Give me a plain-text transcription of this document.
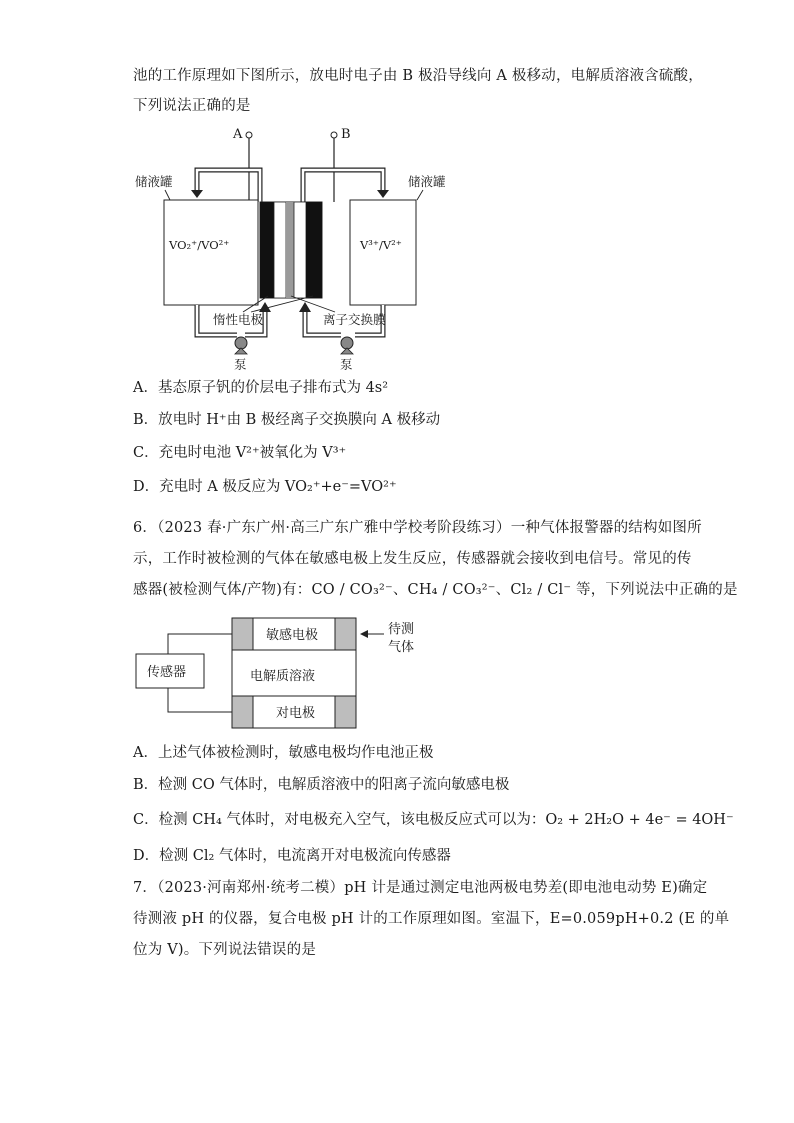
池的工作原理如下图所示，放电时电子由 B 极沿导线向 A 极移动，电解质溶液含硫酸，
下列说法正确的是
A	B
储液罐	储液罐
VO₂⁺/VO²⁺	V³⁺/V²⁺
泵	泵
惰性电极	离子交换膜
A．基态原子钒的价层电子排布式为 4s²
B．放电时 H⁺由 B 极经离子交换膜向 A 极移动
C．充电时电池 V²⁺被氧化为 V³⁺
D．充电时 A 极反应为 VO₂⁺+e⁻=VO²⁺
6．（2023 春·广东广州·高三广东广雅中学校考阶段练习）一种气体报警器的结构如图所
示，工作时被检测的气体在敏感电极上发生反应，传感器就会接收到电信号。常见的传
感器(被检测气体/产物)有：CO / CO₃²⁻、CH₄ / CO₃²⁻、Cl₂ / Cl⁻ 等，下列说法中正确的是
敏感电极
电解质溶液
对电极
传感器
待测
气体
A．上述气体被检测时，敏感电极均作电池正极
B．检测 CO 气体时，电解质溶液中的阳离子流向敏感电极
C．检测 CH₄ 气体时，对电极充入空气，该电极反应式可以为：O₂ + 2H₂O + 4e⁻ = 4OH⁻
D．检测 Cl₂ 气体时，电流离开对电极流向传感器
7．（2023·河南郑州·统考二模）pH 计是通过测定电池两极电势差(即电池电动势 E)确定
待测液 pH 的仪器，复合电极 pH 计的工作原理如图。室温下，E=0.059pH+0.2 (E 的单
位为 V)。下列说法错误的是
